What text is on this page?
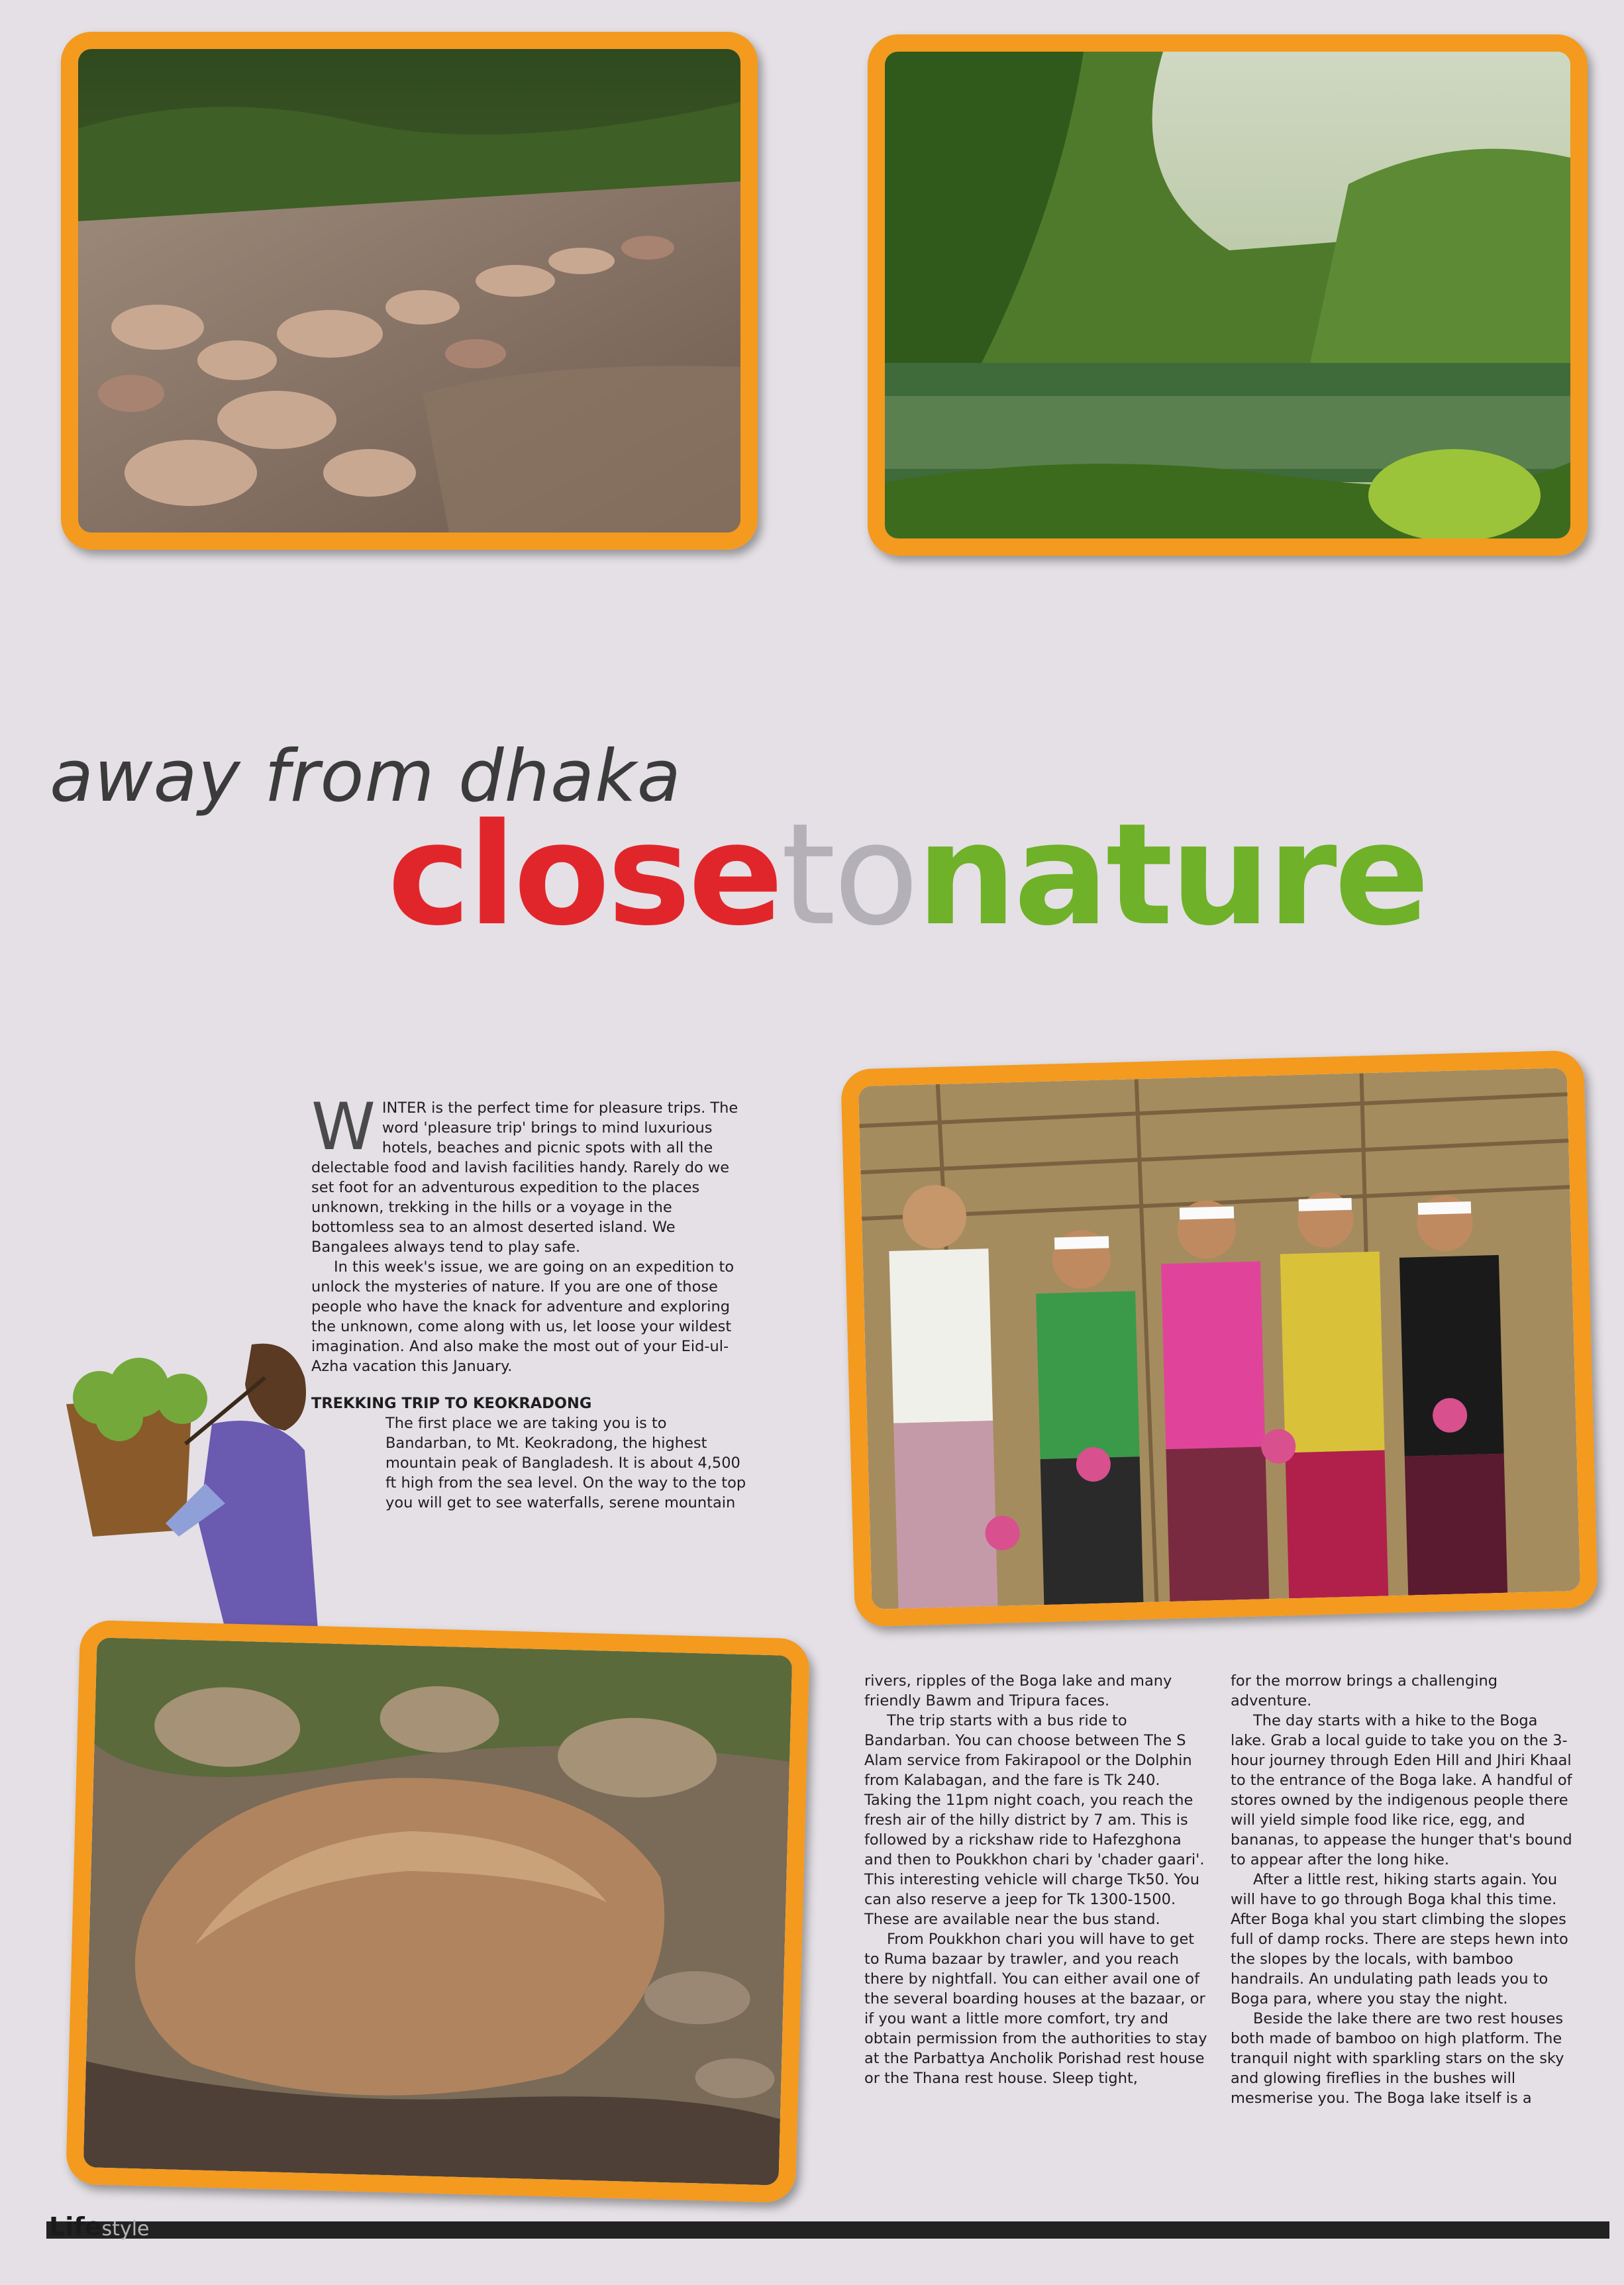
away from dhaka
closetonature
W INTER is the perfect time for pleasure trips. The word 'pleasure trip' brings to mind luxurious hotels, beaches and picnic spots with all the delectable food and lavish facilities handy. Rarely do we set foot for an adventurous expedition to the places unknown, trekking in the hills or a voyage in the bottomless sea to an almost deserted island. We Bangalees always tend to play safe.

In this week's issue, we are going on an expedition to unlock the mysteries of nature. If you are one of those people who have the knack for adventure and exploring the unknown, come along with us, let loose your wildest imagination. And also make the most out of your Eid-ul-Azha vacation this January.

TREKKING TRIP TO KEOKRADONG

The first place we are taking you is to Bandarban, to Mt. Keokradong, the highest mountain peak of Bangladesh. It is about 4,500 ft high from the sea level. On the way to the top you will get to see waterfalls, serene mountain

rivers, ripples of the Boga lake and many friendly Bawm and Tripura faces.

The trip starts with a bus ride to Bandarban. You can choose between The S Alam service from Fakirapool or the Dolphin from Kalabagan, and the fare is Tk 240. Taking the 11pm night coach, you reach the fresh air of the hilly district by 7 am. This is followed by a rickshaw ride to Hafezghona and then to Poukkhon chari by 'chader gaari'. This interesting vehicle will charge Tk50. You can also reserve a jeep for Tk 1300-1500. These are available near the bus stand.

From Poukkhon chari you will have to get to Ruma bazaar by trawler, and you reach there by nightfall. You can either avail one of the several boarding houses at the bazaar, or if you want a little more comfort, try and obtain permission from the authorities to stay at the Parbattya Ancholik Porishad rest house or the Thana rest house. Sleep tight,

for the morrow brings a challenging adventure.

The day starts with a hike to the Boga lake. Grab a local guide to take you on the 3-hour journey through Eden Hill and Jhiri Khaal to the entrance of the Boga lake. A handful of stores owned by the indigenous people there will yield simple food like rice, egg, and bananas, to appease the hunger that's bound to appear after the long hike.

After a little rest, hiking starts again. You will have to go through Boga khal this time. After Boga khal you start climbing the slopes full of damp rocks. There are steps hewn into the slopes by the locals, with bamboo handrails. An undulating path leads you to Boga para, where you stay the night.

Beside the lake there are two rest houses both made of bamboo on high platform. The tranquil night with sparkling stars on the sky and glowing fireflies in the bushes will mesmerise you. The Boga lake itself is a

Lifestyle
